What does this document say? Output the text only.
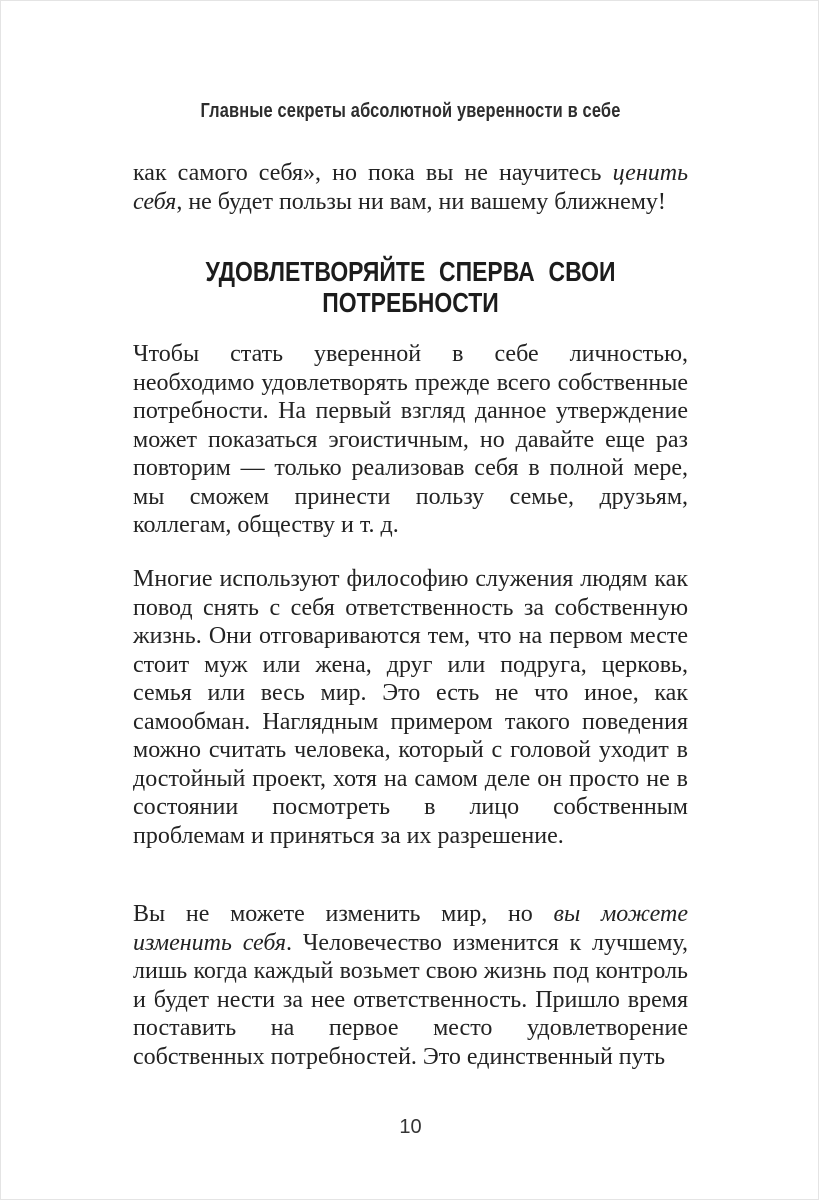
Главные секреты абсолютной уверенности в себе

как самого себя», но пока вы не научитесь ценить себя, не будет пользы ни вам, ни вашему ближнему!

УДОВЛЕТВОРЯЙТЕ СПЕРВА СВОИ ПОТРЕБНОСТИ

Чтобы стать уверенной в себе личностью, необходимо удовлетворять прежде всего собственные потребности. На первый взгляд данное утверждение может показаться эгоистичным, но давайте еще раз повторим — только реализовав себя в полной мере, мы сможем принести пользу семье, друзьям, коллегам, обществу и т. д.

Многие используют философию служения людям как повод снять с себя ответственность за собственную жизнь. Они отговариваются тем, что на первом месте стоит муж или жена, друг или подруга, церковь, семья или весь мир. Это есть не что иное, как самообман. Наглядным примером такого поведения можно считать человека, который с головой уходит в достойный проект, хотя на самом деле он просто не в состоянии посмотреть в лицо собственным проблемам и приняться за их разрешение.

Вы не можете изменить мир, но вы можете изменить себя. Человечество изменится к лучшему, лишь когда каждый возьмет свою жизнь под контроль и будет нести за нее ответственность. Пришло время поставить на первое место удовлетворение собственных потребностей. Это единственный путь

10
